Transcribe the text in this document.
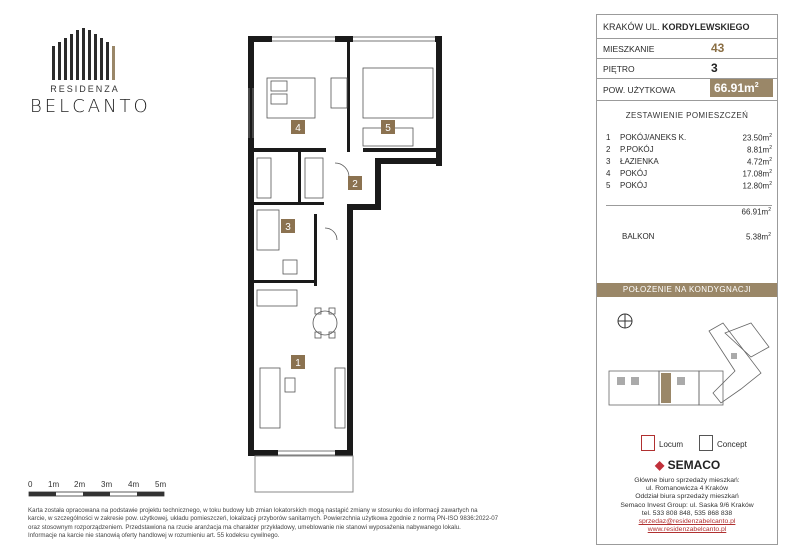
RESIDENZA
BELCANTO
4	5
2
3
1
0 1m 2m 3m 4m 5m
Karta została opracowana na podstawie projektu technicznego, w toku budowy lub zmian lokatorskich mogą nastąpić zmiany w stosunku do informacji zawartych na
karcie, w szczególności w zakresie pow. użytkowej, układu pomieszczeń, lokalizacji przyborów sanitarnych. Powierzchnia użytkowa zgodnie z normą PN-ISO 9836:2022-07
oraz stosownym rozporządzeniem. Przedstawiona na rzucie aranżacja ma charakter przykładowy, umeblowanie nie stanowi wyposażenia nabywanego lokalu.
Informacje na karcie nie stanowią oferty handlowej w rozumieniu art. 55 kodeksu cywilnego.
KRAKÓW UL. KORDYLEWSKIEGO
MIESZKANIE	43
PIĘTRO	3
POW. UŻYTKOWA	$66.91m^2$
ZESTAWIENIE POMIESZCZEŃ
1 POKÓJ/ANEKS K.	$23.50m^2$
2 P.POKÓJ	$8.81m^2$
3 ŁAZIENKA	$4.72m^2$
4 POKÓJ	$17.08m^2$
5 POKÓJ	$12.80m^2$
$66.91m^2$
BALKON	$5.38m^2$
POŁOŻENIE NA KONDYGNACJI
Locum	Concept
◆ SEMACO
Główne biuro sprzedaży mieszkań:
ul. Romanowicza 4 Kraków
Oddział biura sprzedaży mieszkań
Semaco Invest Group: ul. Saska 9/6 Kraków
tel. 533 808 848, 535 868 838
sprzedaz@residenzabelcanto.pl
www.residenzabelcanto.pl
